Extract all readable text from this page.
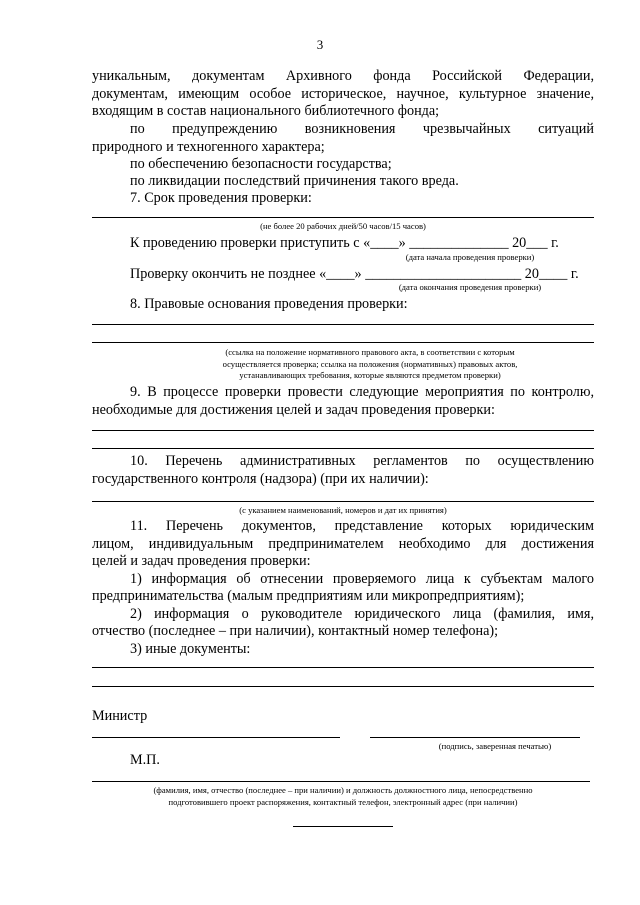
3

уникальным, документам Архивного фонда Российской Федерации,

документам, имеющим особое историческое, научное, культурное значение,

входящим в состав национального библиотечного фонда;

по предупреждению возникновения чрезвычайных ситуаций

природного и техногенного характера;

по обеспечению безопасности государства;

по ликвидации последствий причинения такого вреда.

7. Срок проведения проверки:

(не более 20 рабочих дней/50 часов/15 часов)
К проведению проверки приступить с «____» ______________ 20___ г.
(дата начала проведения проверки)
Проверку окончить не позднее «____» ______________________ 20____ г.
(дата окончания проведения проверки)

8. Правовые основания проведения проверки:

(ссылка на положение нормативного правового акта, в соответствии с которым
осуществляется проверка; ссылка на положения (нормативных) правовых актов,
устанавливающих требования, которые являются предметом проверки)

9. В процессе проверки провести следующие мероприятия по контролю,

необходимые для достижения целей и задач проведения проверки:

10. Перечень административных регламентов по осуществлению

государственного контроля (надзора) (при их наличии):

(с указанием наименований, номеров и дат их принятия)

11. Перечень документов, представление которых юридическим

лицом, индивидуальным предпринимателем необходимо для достижения

целей и задач проведения проверки:

1) информация об отнесении проверяемого лица к субъектам малого

предпринимательства (малым предприятиям или микропредприятиям);

2) информация о руководителе юридического лица (фамилия, имя,

отчество (последнее – при наличии), контактный номер телефона);

3) иные документы:

Министр
(подпись, заверенная печатью)
М.П.
(фамилия, имя, отчество (последнее – при наличии) и должность должностного лица, непосредственно
подготовившего проект распоряжения, контактный телефон, электронный адрес (при наличии)
